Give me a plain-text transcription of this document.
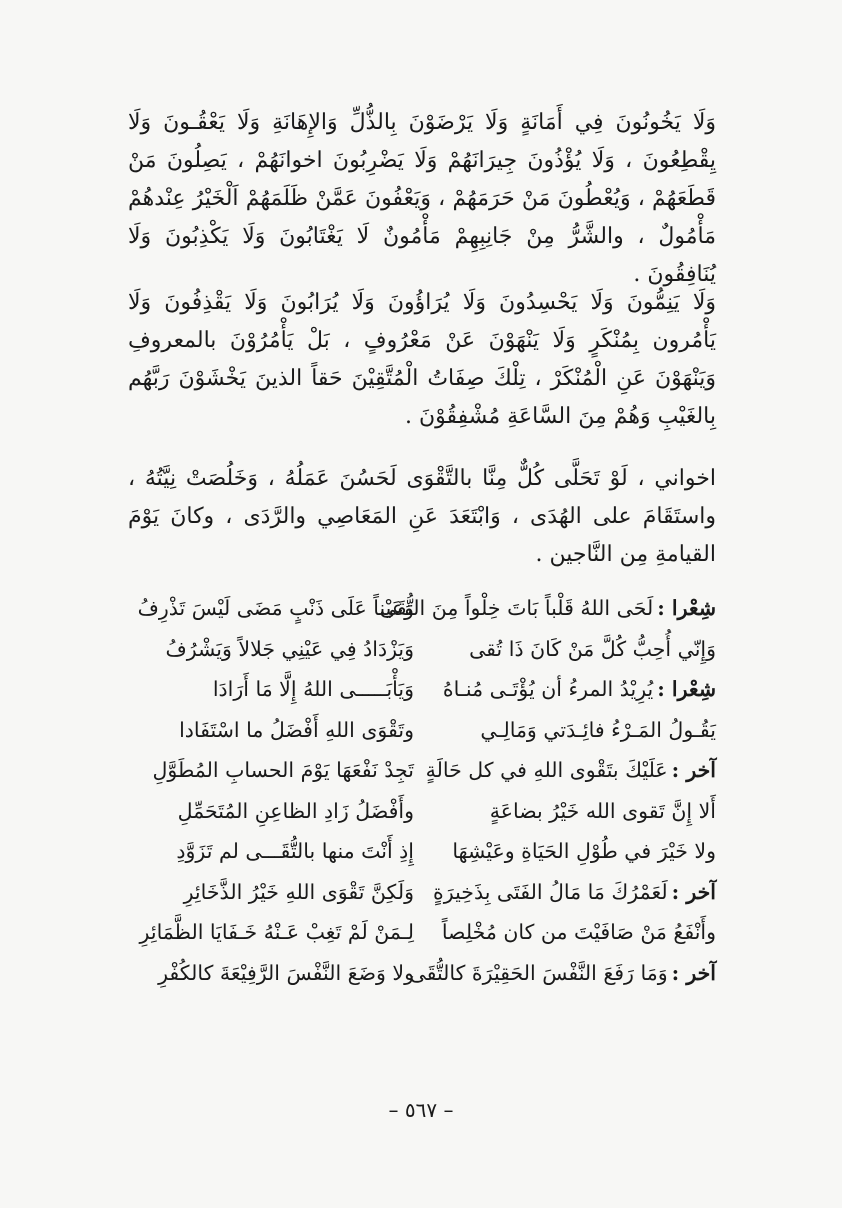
وَلَا يَخُونُونَ فِي أَمَانَةٍ وَلَا يَرْضَوْنَ بِالذُّلِّ وَالإِهَانَةِ وَلَا يَعْقُـونَ وَلَا يِقْطِعُونَ ، وَلَا يُؤْذُونَ جِيرَانَهُمْ وَلَا يَضْرِبُونَ اخوانَهُمْ ، يَصِلُونَ مَنْ قَطَعَهُمْ ، وَيُعْطُونَ مَنْ حَرَمَهُمْ ، وَيَعْفُونَ عَمَّنْ ظَلَمَهُمْ اَلْخَيْرُ عِنْدهُمْ مَأْمُولٌ ، والشَّرُّ مِنْ جَانِبِهِمْ مَأْمُونٌ لَا يَغْتَابُونَ وَلَا يَكْذِبُونَ وَلَا يُنَافِقُونَ .

وَلَا يَنِمُّونَ وَلَا يَحْسِدُونَ وَلَا يُرَاؤُونَ وَلَا يُرَابُونَ وَلَا يَقْذِفُونَ وَلَا يَأْمُرون بِمُنْكَرٍ وَلَا يَنْهَوْنَ عَنْ مَعْرُوفٍ ، بَلْ يَأْمُرُوْنَ بالمعروفِ وَيَنْهَوْنَ عَنِ الْمُنْكَرْ ، تِلْكَ صِفَاتُ الْمُتَّقِيْنَ حَقاً الذينَ يَخْشَوْنَ رَبَّهُم بِالغَيْبِ وَهُمْ مِنَ السَّاعَةِ مُشْفِقُوْنَ .

اخواني ، لَوْ تَحَلَّى كُلٌّ مِنَّا بالتَّقْوَى لَحَسُنَ عَمَلُهُ ، وَخَلُصَتْ نِيَّتُهُ ، واستَقَامَ على الهُدَى ، وَابْتَعَدَ عَنِ المَعَاصِي والرَّدَى ، وكانَ يَوْمَ القيامةِ مِن النَّاجين .

شِعْرا :لَحَى اللهُ قَلْباً بَاتَ خِلْواً مِنَ التُّقَى
وَعَيْناً عَلَى ذَنْبٍ مَضَى لَيْسَ تَذْرِفُ
وَإِنّي أُحِبُّ كُلَّ مَنْ كَانَ ذَا تُقى
وَيَزْدَادُ فِي عَيْنِي جَلالاً وَيَشْرُفُ
شِعْرا :يُرِيْدُ المرءُ أن يُؤْتَـى مُنـاهُ
وَيَأْبَـــــى اللهُ إِلَّا مَا أَرَادَا
يَقُـولُ المَـرْءُ فائِـدَتي وَمَالِـي
وتَقْوَى اللهِ أَفْضَلُ ما اسْتَفَادا
آخر :عَلَيْكَ بتَقْوى اللهِ في كل حَالَةٍ
تَجِدْ نَفْعَهَا يَوْمَ الحسابِ المُطَوَّلِ
أَلا إِنَّ تَقوى الله خَيْرُ بضاعَةٍ
وأَفْضَلُ زَادِ الظاعِنِ المُتَحَمِّلِ
ولا خَيْرَ في طُوْلِ الحَيَاةِ وعَيْشِهَا
إِذِ أَنْتَ منها بالتُّقَـــى لم تَزَوَّدِ
آخر :لَعَمْرُكَ مَا مَالُ الفَتَى بِذَخِيرَةٍ
وَلَكِنَّ تَقْوَى اللهِ خَيْرُ الذَّخَائِرِ
وأَنْفَعُ مَنْ صَافَيْتَ من كان مُخْلِصاً
لِـمَنْ لَمْ تَغِبْ عَـنْهُ خَـفَايَا الظَّمَائِرِ
آخر :وَمَا رَفَعَ النَّفْسَ الحَقِيْرَةَ كالتُّقَى
ولا وَضَعَ النَّفْسَ الرَّفِيْعَةَ كالكُفْرِ
– ٥٦٧ –
